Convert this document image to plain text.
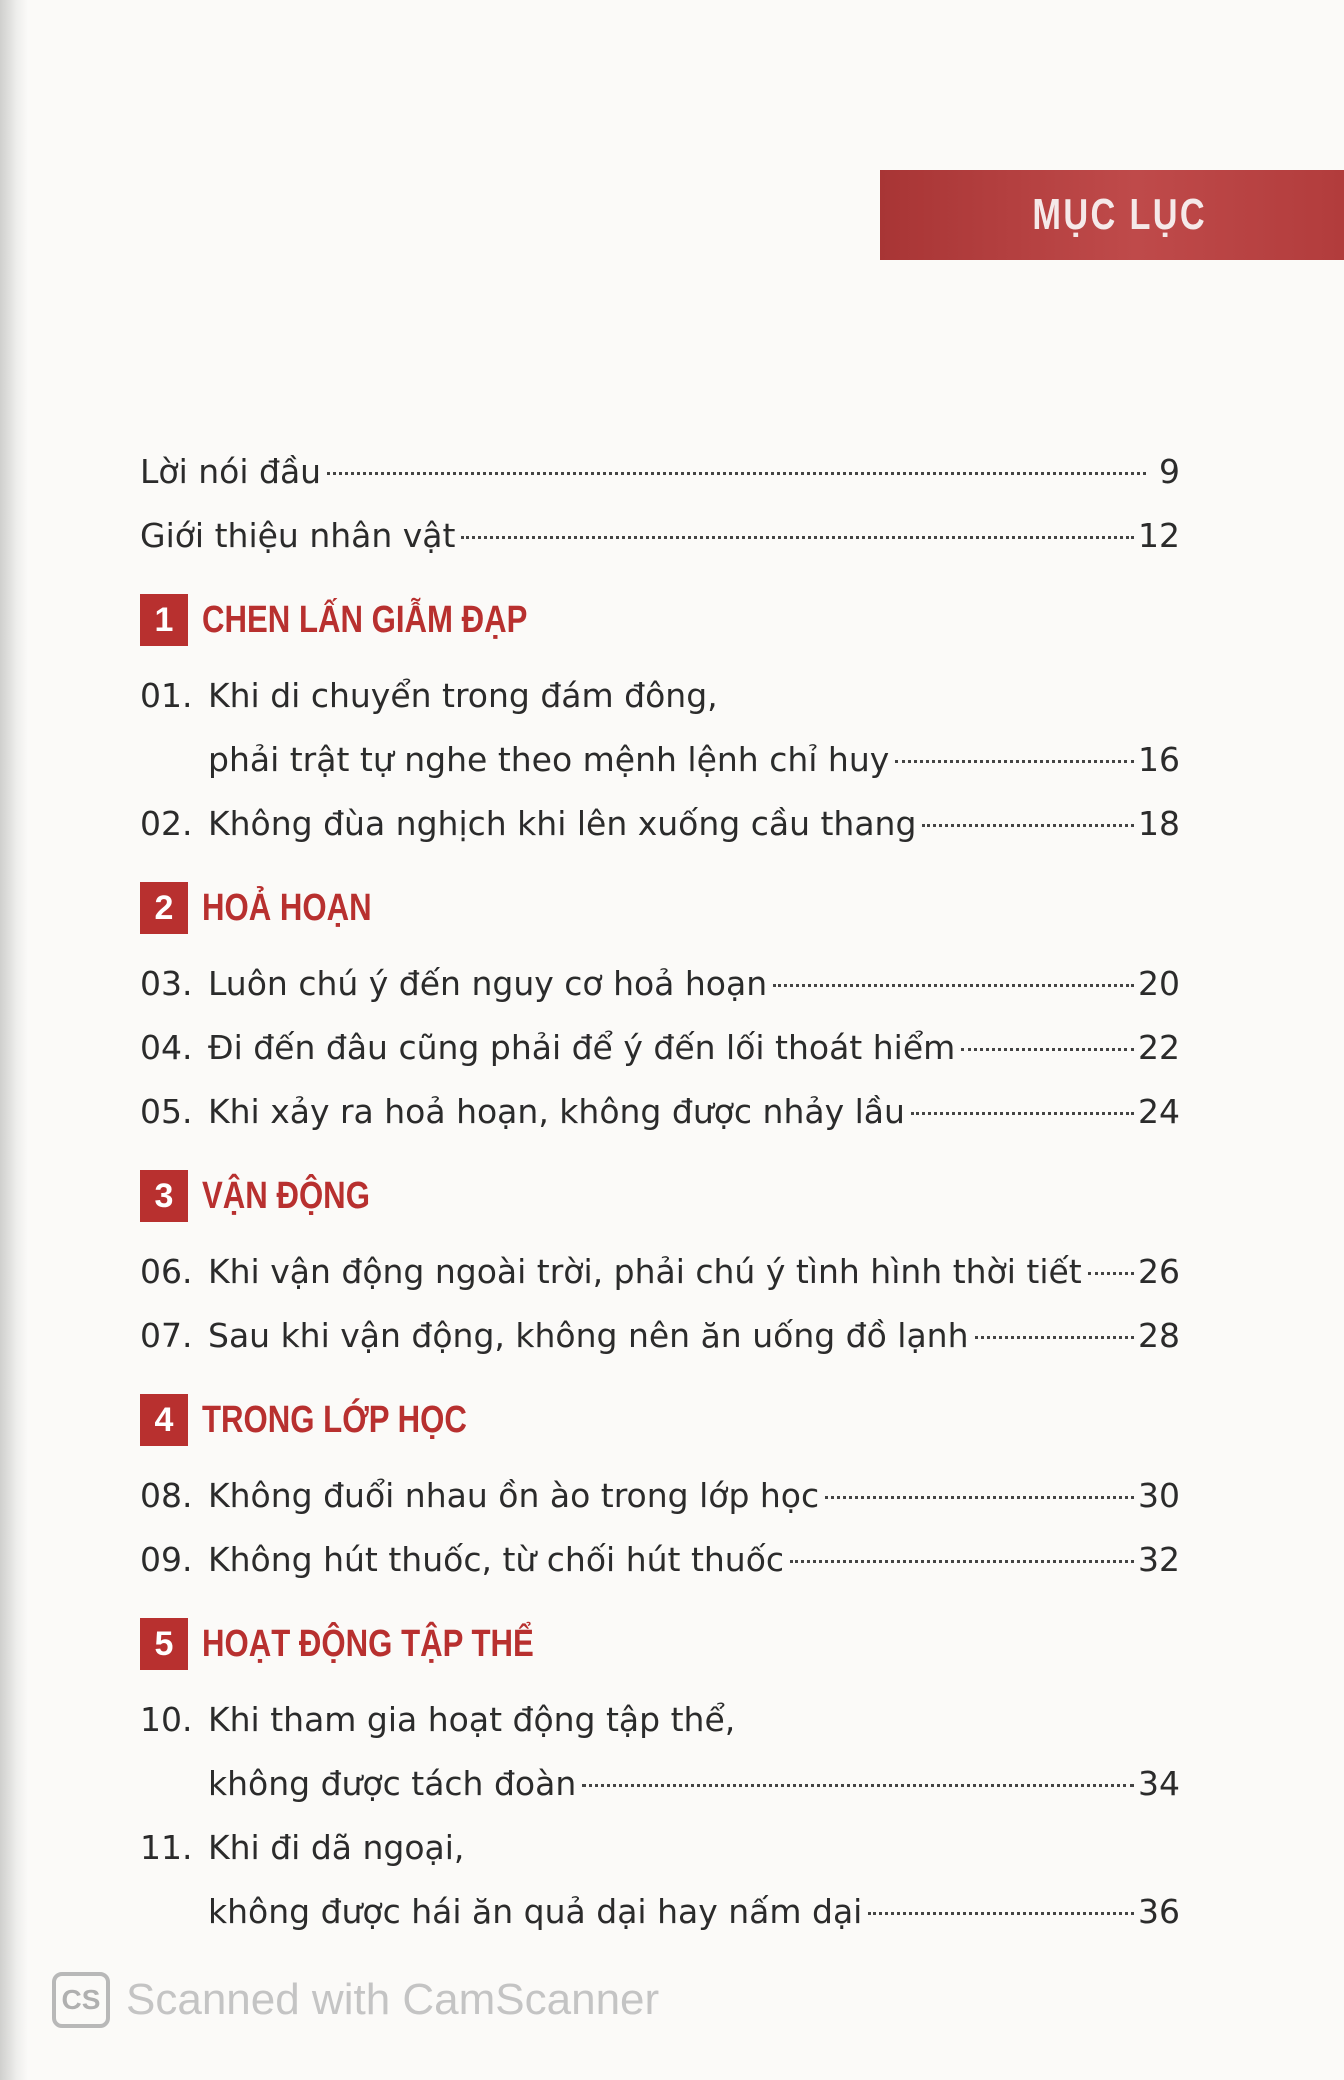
MỤC LỤC
Lời nói đầu	9
Giới thiệu nhân vật	12
1 CHEN LẤN GIẪM ĐẠP
01. Khi di chuyển trong đám đông,
phải trật tự nghe theo mệnh lệnh chỉ huy	16
02. Không đùa nghịch khi lên xuống cầu thang	18
2 HOẢ HOẠN
03. Luôn chú ý đến nguy cơ hoả hoạn	20
04. Đi đến đâu cũng phải để ý đến lối thoát hiểm	22
05. Khi xảy ra hoả hoạn, không được nhảy lầu	24
3 VẬN ĐỘNG
06. Khi vận động ngoài trời, phải chú ý tình hình thời tiết 26
07. Sau khi vận động, không nên ăn uống đồ lạnh	28
4 TRONG LỚP HỌC
08. Không đuổi nhau ồn ào trong lớp học	30
09. Không hút thuốc, từ chối hút thuốc	32
5 HOẠT ĐỘNG TẬP THỂ
10. Khi tham gia hoạt động tập thể,
không được tách đoàn	34
11. Khi đi dã ngoại,
không được hái ăn quả dại hay nấm dại	36
CS Scanned with CamScanner
